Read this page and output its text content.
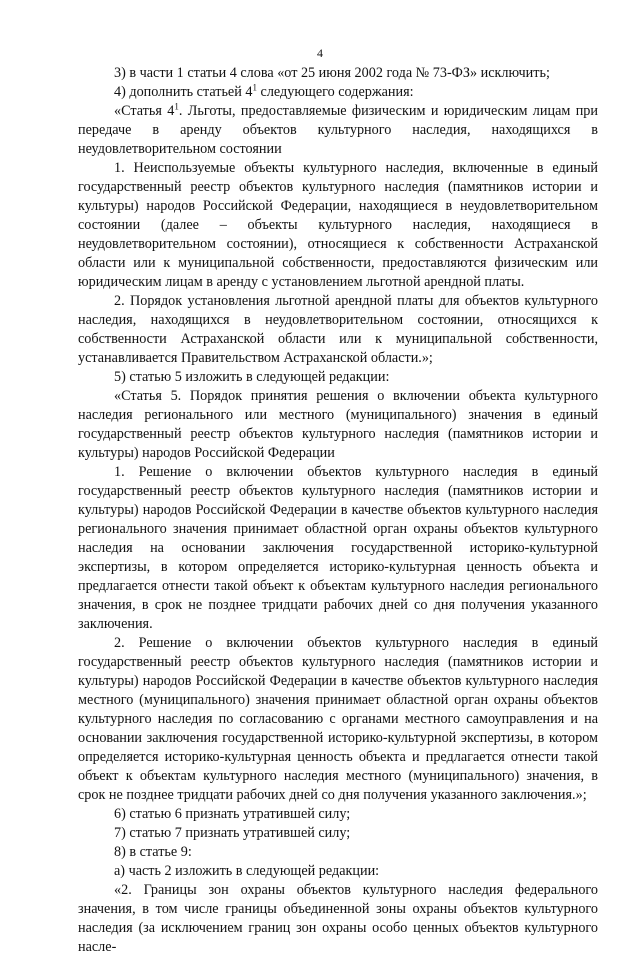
4

3) в части 1 статьи 4 слова «от 25 июня 2002 года № 73-ФЗ» исключить;

4) дополнить статьей $4^1$ следующего содержания:

«Статья $4^1$. Льготы, предоставляемые физическим и юридическим лицам при передаче в аренду объектов культурного наследия, находящихся в неудовлетворительном состоянии

1. Неиспользуемые объекты культурного наследия, включенные в единый государственный реестр объектов культурного наследия (памятников истории и культуры) народов Российской Федерации, находящиеся в неудовлетворительном состоянии (далее – объекты культурного наследия, находящиеся в неудовлетворительном состоянии), относящиеся к собственности Астраханской области или к муниципальной собственности, предоставляются физическим или юридическим лицам в аренду с установлением льготной арендной платы.

2. Порядок установления льготной арендной платы для объектов культурного наследия, находящихся в неудовлетворительном состоянии, относящихся к собственности Астраханской области или к муниципальной собственности, устанавливается Правительством Астраханской области.»;

5) статью 5 изложить в следующей редакции:

«Статья 5. Порядок принятия решения о включении объекта культурного наследия регионального или местного (муниципального) значения в единый государственный реестр объектов культурного наследия (памятников истории и культуры) народов Российской Федерации

1. Решение о включении объектов культурного наследия в единый государственный реестр объектов культурного наследия (памятников истории и культуры) народов Российской Федерации в качестве объектов культурного наследия регионального значения принимает областной орган охраны объектов культурного наследия на основании заключения государственной историко-культурной экспертизы, в котором определяется историко-культурная ценность объекта и предлагается отнести такой объект к объектам культурного наследия регионального значения, в срок не позднее тридцати рабочих дней со дня получения указанного заключения.

2. Решение о включении объектов культурного наследия в единый государственный реестр объектов культурного наследия (памятников истории и культуры) народов Российской Федерации в качестве объектов культурного наследия местного (муниципального) значения принимает областной орган охраны объектов культурного наследия по согласованию с органами местного самоуправления и на основании заключения государственной историко-культурной экспертизы, в котором определяется историко-культурная ценность объекта и предлагается отнести такой объект к объектам культурного наследия местного (муниципального) значения, в срок не позднее тридцати рабочих дней со дня получения указанного заключения.»;

6) статью 6 признать утратившей силу;

7) статью 7 признать утратившей силу;

8) в статье 9:

а) часть 2 изложить в следующей редакции:

«2. Границы зон охраны объектов культурного наследия федерального значения, в том числе границы объединенной зоны охраны объектов культурного наследия (за исключением границ зон охраны особо ценных объектов культурного насле-
